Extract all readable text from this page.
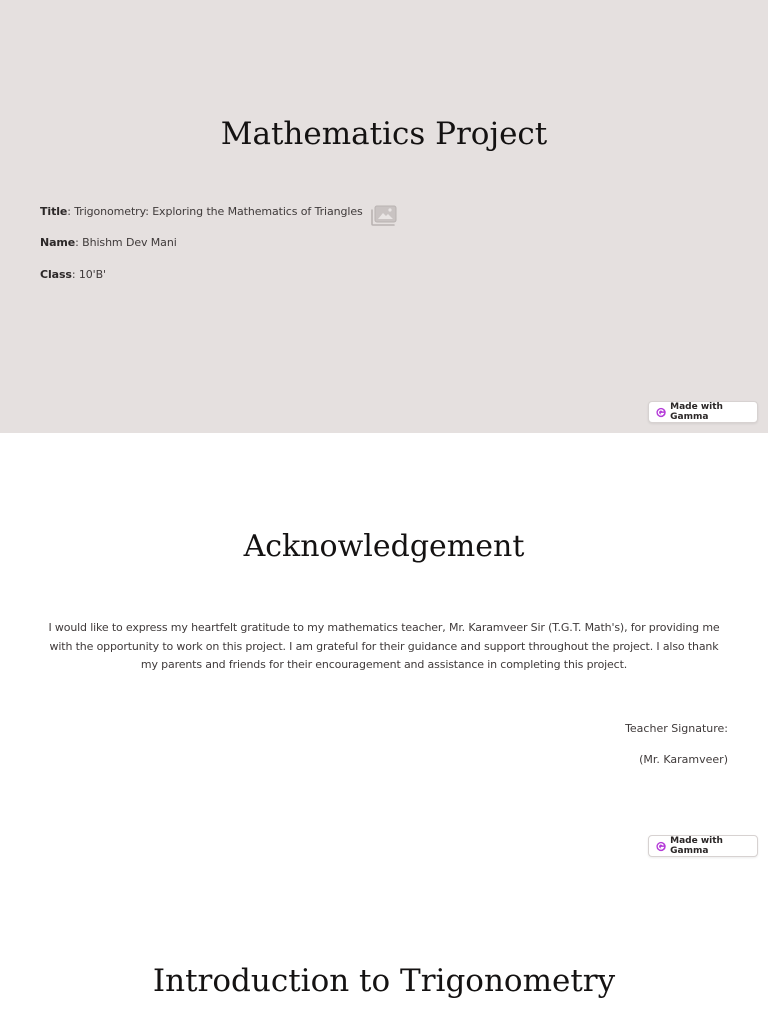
Mathematics Project
Title: Trigonometry: Exploring the Mathematics of Triangles
Name: Bhishm Dev Mani
Class: 10'B'
Made with Gamma
Acknowledgement

I would like to express my heartfelt gratitude to my mathematics teacher, Mr. Karamveer Sir (T.G.T. Math's), for providing me with the opportunity to work on this project. I am grateful for their guidance and support throughout the project. I also thank my parents and friends for their encouragement and assistance in completing this project.

Teacher Signature:
(Mr. Karamveer)
Made with Gamma
Introduction to Trigonometry
